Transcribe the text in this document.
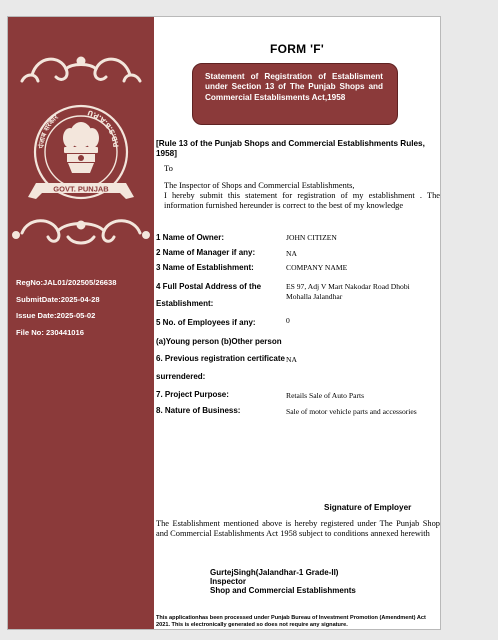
P.B.S.B.A.P.U
पंजाब सरकार
GOVT. PUNJAB
RegNo:JAL01/202505/26638
SubmitDate:2025-04-28
Issue Date:2025-05-02
File No: 230441016
FORM 'F'
Statement of Registration of Establisment under Section 13 of The Punjab Shops and Commercial Establisments Act,1958
[Rule 13 of the Punjab Shops and Commercial Establishments Rules, 1958]
To

The Inspector of Shops and Commercial Establishments,

I hereby submit this statement for registration of my establishment . The information furnished hereunder is correct to the best of my knowledge

1 Name of Owner:	JOHN CITIZEN
2 Name of Manager if any:	NA
3 Name of Establishment:	COMPANY NAME
4 Full Postal Address of the
Establishment:
ES 97, Adj V Mart Nakodar Road Dhobi Mohalla Jalandhar
5 No. of Employees if any:	0
(a)Young person (b)Other person
6. Previous registration certificate
surrendered:
NA
7. Project Purpose:	Retails Sale of Auto Parts
8. Nature of Business:	Sale of motor vehicle parts and accessories
Signature of Employer
The Establishment mentioned above is hereby registered under The Punjab Shop and Commercial Establishments Act 1958 subject to conditions annexed herewith
GurtejSingh(Jalandhar-1 Grade-II)
Inspector
Shop and Commercial Establishments
This applicationhas been processed under Punjab Bureau of Investment Promotion (Amendment) Act
2021. This is electronically generated so does not require any signature.
